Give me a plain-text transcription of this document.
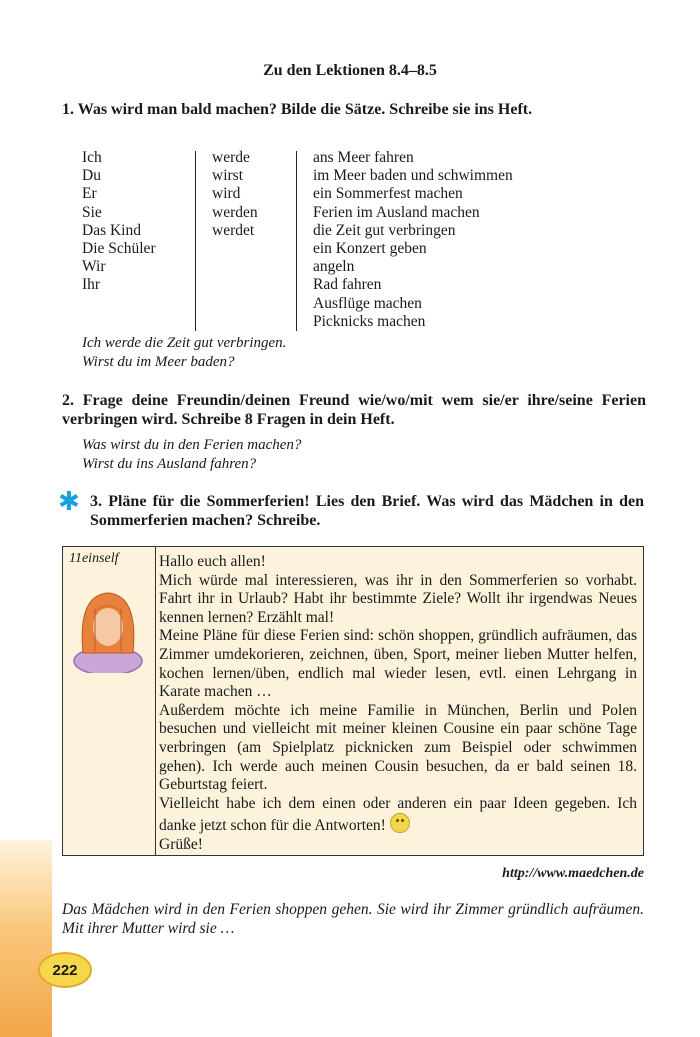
Zu den Lektionen 8.4–8.5
1. Was wird man bald machen? Bilde die Sätze. Schreibe sie ins Heft.
Ich
Du
Er
Sie
Das Kind
Die Schüler
Wir
Ihr
werde
wirst
wird
werden
werdet
ans Meer fahren
im Meer baden und schwimmen
ein Sommerfest machen
Ferien im Ausland machen
die Zeit gut verbringen
ein Konzert geben
angeln
Rad fahren
Ausflüge machen
Picknicks machen
Ich werde die Zeit gut verbringen.
Wirst du im Meer baden?
2. Frage deine Freundin/deinen Freund wie/wo/mit wem sie/er ihre/seine Ferien verbringen wird. Schreibe 8 Fragen in dein Heft.
Was wirst du in den Ferien machen?
Wirst du ins Ausland fahren?
✱ 3. Pläne für die Sommerferien! Lies den Brief. Was wird das Mädchen in den Sommerferien machen? Schreibe.
11einself	Hallo euch allen!
Mich würde mal interessieren, was ihr in den Sommerferien so vorhabt. Fahrt ihr in Urlaub? Habt ihr bestimmte Ziele? Wollt ihr irgendwas Neues kennen lernen? Erzählt mal!
Meine Pläne für diese Ferien sind: schön shoppen, gründlich aufräumen, das Zimmer umdekorieren, zeichnen, üben, Sport, meiner lieben Mutter helfen, kochen lernen/üben, endlich mal wieder lesen, evtl. einen Lehrgang in Karate machen …
Außerdem möchte ich meine Familie in München, Berlin und Polen besuchen und vielleicht mit meiner kleinen Cousine ein paar schöne Tage verbringen (am Spielplatz picknicken zum Beispiel oder schwimmen gehen). Ich werde auch meinen Cousin besuchen, da er bald seinen 18. Geburtstag feiert.
Vielleicht habe ich dem einen oder anderen ein paar Ideen gegeben. Ich danke jetzt schon für die Antworten!
Grüße!
http://www.maedchen.de
Das Mädchen wird in den Ferien shoppen gehen. Sie wird ihr Zimmer gründlich aufräumen. Mit ihrer Mutter wird sie …
222
